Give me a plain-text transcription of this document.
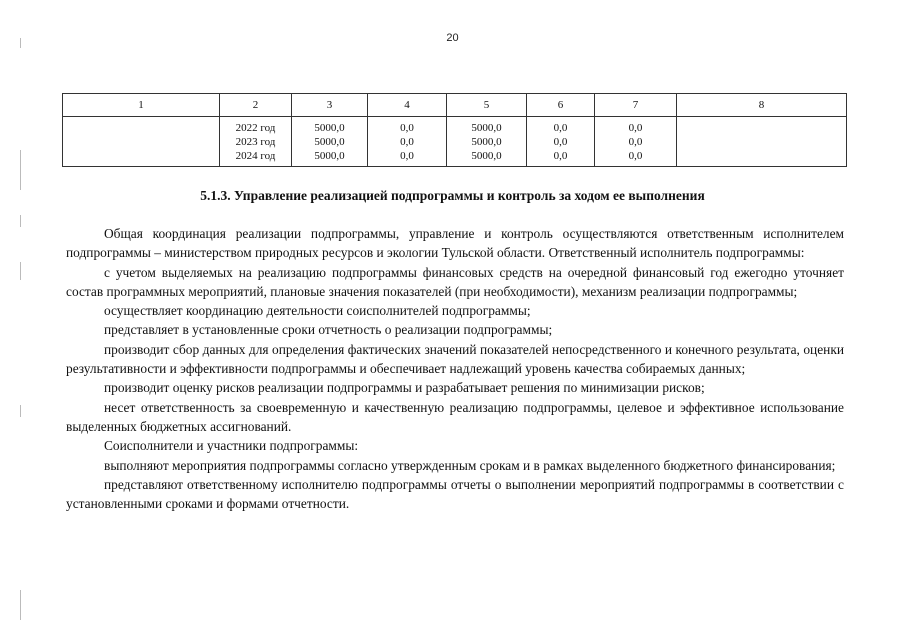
20
1	2	3	4	5	6	7	8

	2022 год
2023 год
2024 год	5000,0
5000,0
5000,0	0,0
0,0
0,0	5000,0
5000,0
5000,0	0,0
0,0
0,0	0,0
0,0
0,0	

5.1.3. Управление реализацией подпрограммы и контроль за ходом ее выполнения

Общая координация реализации подпрограммы, управление и контроль осуществляются ответственным исполнителем подпрограммы – министерством природных ресурсов и экологии Тульской области. Ответственный исполнитель подпрограммы:

с учетом выделяемых на реализацию подпрограммы финансовых средств на очередной финансовый год ежегодно уточняет состав программных мероприятий, плановые значения показателей (при необходимости), механизм реализации подпрограммы;

осуществляет координацию деятельности соисполнителей подпрограммы;

представляет в установленные сроки отчетность о реализации подпрограммы;

производит сбор данных для определения фактических значений показателей непосредственного и конечного результата, оценки результативности и эффективности подпрограммы и обеспечивает надлежащий уровень качества собираемых данных;

производит оценку рисков реализации подпрограммы и разрабатывает решения по минимизации рисков;

несет ответственность за своевременную и качественную реализацию подпрограммы, целевое и эффективное использование выделенных бюджетных ассигнований.

Соисполнители и участники подпрограммы:

выполняют мероприятия подпрограммы согласно утвержденным срокам и в рамках выделенного бюджетного финансирования;

представляют ответственному исполнителю подпрограммы отчеты о выполнении мероприятий подпрограммы в соответствии с установленными сроками и формами отчетности.
